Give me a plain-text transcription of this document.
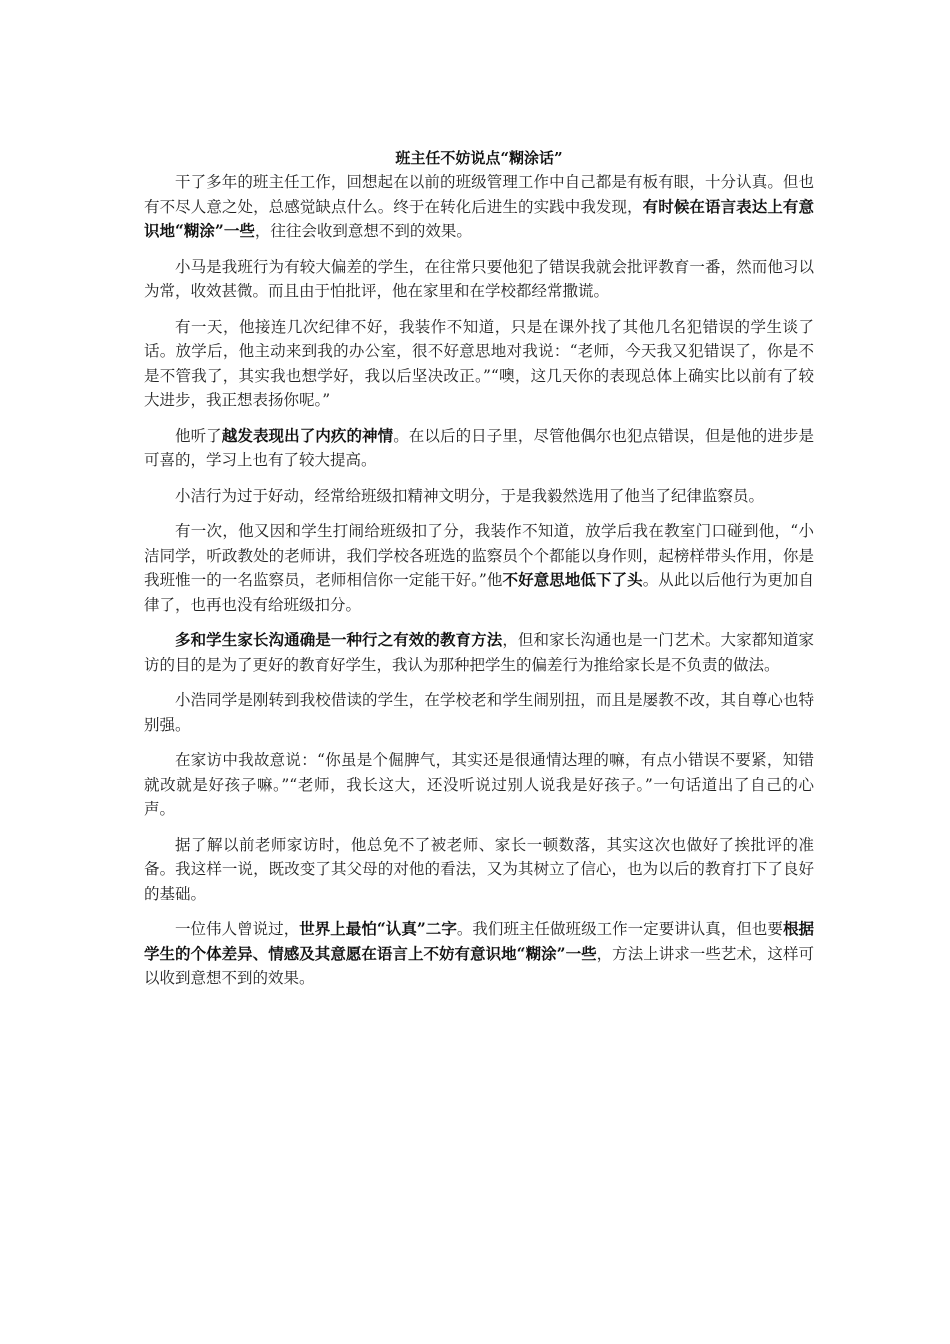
班主任不妨说点“糊涂话”

干了多年的班主任工作，回想起在以前的班级管理工作中自己都是有板有眼，十分认真。但也有不尽人意之处，总感觉缺点什么。终于在转化后进生的实践中我发现，有时候在语言表达上有意识地“糊涂”一些，往往会收到意想不到的效果。

小马是我班行为有较大偏差的学生，在往常只要他犯了错误我就会批评教育一番，然而他习以为常，收效甚微。而且由于怕批评，他在家里和在学校都经常撒谎。

有一天，他接连几次纪律不好，我装作不知道，只是在课外找了其他几名犯错误的学生谈了话。放学后，他主动来到我的办公室，很不好意思地对我说：“老师，今天我又犯错误了，你是不是不管我了，其实我也想学好，我以后坚决改正。”“噢，这几天你的表现总体上确实比以前有了较大进步，我正想表扬你呢。”

他听了越发表现出了内疚的神情。在以后的日子里，尽管他偶尔也犯点错误，但是他的进步是可喜的，学习上也有了较大提高。

小洁行为过于好动，经常给班级扣精神文明分，于是我毅然选用了他当了纪律监察员。

有一次，他又因和学生打闹给班级扣了分，我装作不知道，放学后我在教室门口碰到他，“小洁同学，听政教处的老师讲，我们学校各班选的监察员个个都能以身作则，起榜样带头作用，你是我班惟一的一名监察员，老师相信你一定能干好。”他不好意思地低下了头。从此以后他行为更加自律了，也再也没有给班级扣分。

多和学生家长沟通确是一种行之有效的教育方法，但和家长沟通也是一门艺术。大家都知道家访的目的是为了更好的教育好学生，我认为那种把学生的偏差行为推给家长是不负责的做法。

小浩同学是刚转到我校借读的学生，在学校老和学生闹别扭，而且是屡教不改，其自尊心也特别强。

在家访中我故意说：“你虽是个倔脾气，其实还是很通情达理的嘛，有点小错误不要紧，知错就改就是好孩子嘛。”“老师，我长这大，还没听说过别人说我是好孩子。”一句话道出了自己的心声。

据了解以前老师家访时，他总免不了被老师、家长一顿数落，其实这次也做好了挨批评的准备。我这样一说，既改变了其父母的对他的看法，又为其树立了信心，也为以后的教育打下了良好的基础。

一位伟人曾说过，世界上最怕“认真”二字。我们班主任做班级工作一定要讲认真，但也要根据学生的个体差异、情感及其意愿在语言上不妨有意识地“糊涂”一些，方法上讲求一些艺术，这样可以收到意想不到的效果。
